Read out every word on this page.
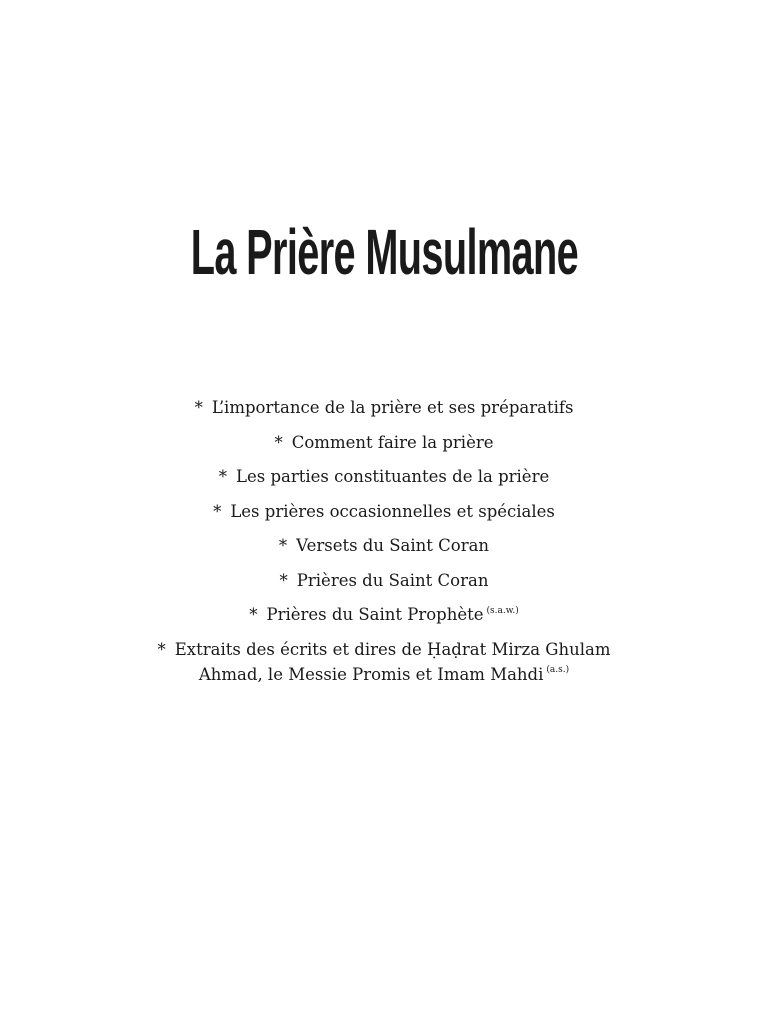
La Prière Musulmane
* L’importance de la prière et ses préparatifs
* Comment faire la prière
* Les parties constituantes de la prière
* Les prières occasionnelles et spéciales
* Versets du Saint Coran
* Prières du Saint Coran
* Prières du Saint Prophète $^{(s.a.w.)}$
* Extraits des écrits et dires de Ḥaḍrat Mirza Ghulam
Ahmad, le Messie Promis et Imam Mahdi $^{(a.s.)}$
